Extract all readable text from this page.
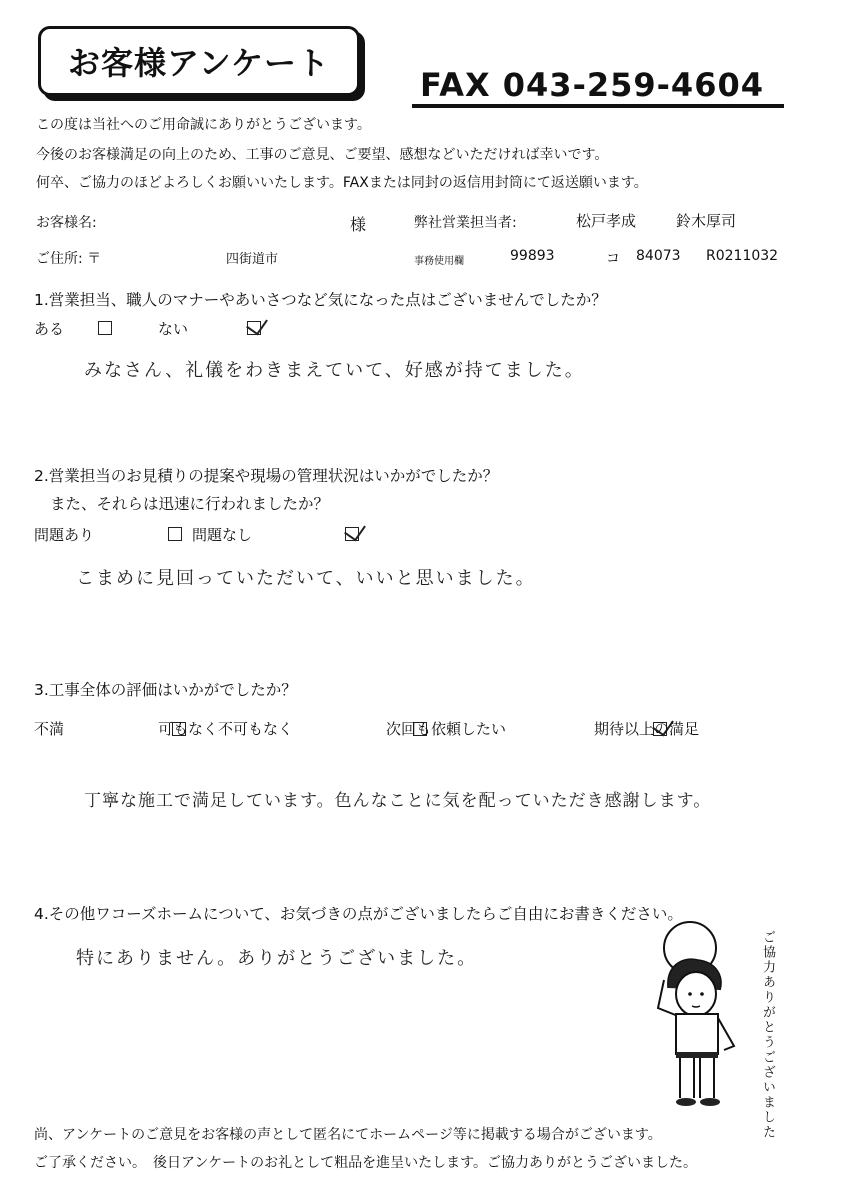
お客様アンケート
FAX 043-259-4604
この度は当社へのご用命誠にありがとうございます。
今後のお客様満足の向上のため、工事のご意見、ご要望、感想などいただければ幸いです。
何卒、ご協力のほどよろしくお願いいたします。FAXまたは同封の返信用封筒にて返送願います。
お客様名:	様	弊社営業担当者:	松戸孝成	鈴木厚司
ご住所: 〒	四街道市	事務使用欄	99893	コ 84073 R0211032
1.営業担当、職人のマナーやあいさつなど気になった点はございませんでしたか？
ある
	ない

みなさん、礼儀をわきまえていて、好感が持てました。
2.営業担当のお見積りの提案や現場の管理状況はいかがでしたか？
また、それらは迅速に行われましたか？
問題あり
	問題なし

こまめに見回っていただいて、いいと思いました。
3.工事全体の評価はいかがでしたか？
不満
	可もなく不可もなく
	次回も依頼したい
	期待以上の満足
丁寧な施工で満足しています。色んなことに気を配っていただき感謝します。
4.その他ワコーズホームについて、お気づきの点がございましたらご自由にお書きください。
特にありません。ありがとうございました。	ご協力ありがとうございました
尚、アンケートのご意見をお客様の声として匿名にてホームページ等に掲載する場合がございます。
ご了承ください。　後日アンケートのお礼として粗品を進呈いたします。ご協力ありがとうございました。
